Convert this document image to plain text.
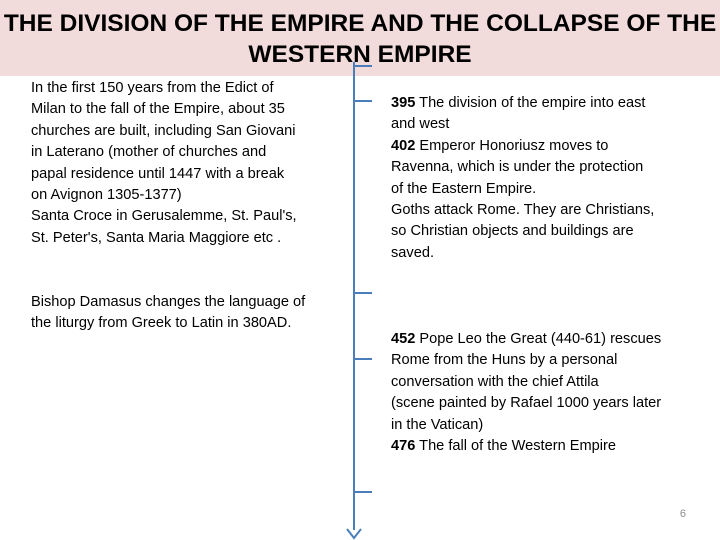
THE DIVISION OF THE EMPIRE AND THE COLLAPSE OF THE WESTERN EMPIRE

In the first 150 years from the Edict of

Milan to the fall of the Empire, about 35

churches are built, including San Giovani

in Laterano (mother of churches and

papal residence until 1447 with a break

on Avignon 1305-1377)

Santa Croce in Gerusalemme, St. Paul's,

St. Peter's, Santa Maria Maggiore etc .

Bishop Damasus changes the language of

the liturgy from Greek to Latin in 380AD.

395 The division of the empire into east

and west

402 Emperor Honoriusz moves to

Ravenna, which is under the protection

of the Eastern Empire.

Goths attack Rome. They are Christians,

so Christian objects and buildings are

saved.

452 Pope Leo the Great (440-61) rescues

Rome from the Huns by a personal

conversation with the chief Attila

(scene painted by Rafael 1000 years later

in the Vatican)

476 The fall of the Western Empire

6
